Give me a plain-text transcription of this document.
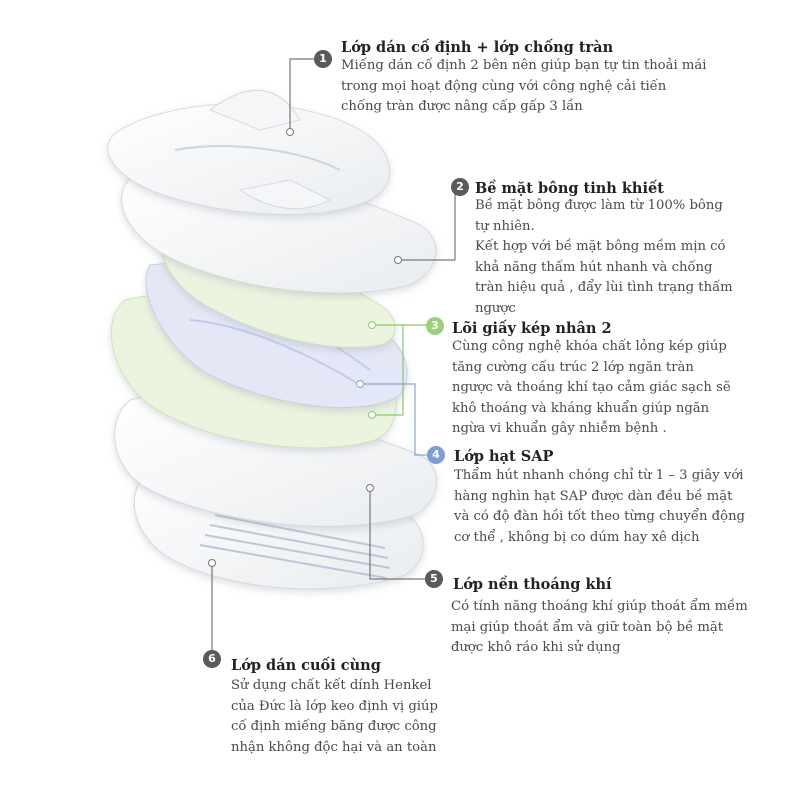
1
Lớp dán cố định + lớp chống tràn
Miếng dán cố định 2 bên nên giúp bạn tự tin thoải mái
trong mọi hoạt động cùng với công nghệ cải tiến
chống tràn được nâng cấp gấp 3 lần
2 Bề mặt bông tinh khiết
Bề mặt bông được làm từ 100% bông
tự nhiên.
Kết hợp với bề mặt bông mềm mịn có
khả năng thấm hút nhanh và chống
tràn hiệu quả , đẩy lùi tình trạng thấm
ngược
3 Lõi giấy kép nhân 2
Cùng công nghệ khóa chất lỏng kép giúp
tăng cường cấu trúc 2 lớp ngăn tràn
ngược và thoáng khí tạo cảm giác sạch sẽ
khô thoáng và kháng khuẩn giúp ngăn
ngừa vi khuẩn gây nhiễm bệnh .
4 Lớp hạt SAP
Thẩm hút nhanh chóng chỉ từ 1 – 3 giây với
hàng nghìn hạt SAP được dàn đều bề mặt
và có độ đàn hồi tốt theo từng chuyển động
cơ thể , không bị co dúm hay xê dịch
5	Lớp nền thoáng khí
Có tính năng thoáng khí giúp thoát ẩm mềm
mại giúp thoát ẩm và giữ toàn bộ bề mặt
được khô ráo khi sử dụng
6	Lớp dán cuối cùng
Sử dụng chất kết dính Henkel
của Đức là lớp keo định vị giúp
cố định miếng băng được công
nhận không độc hại và an toàn
